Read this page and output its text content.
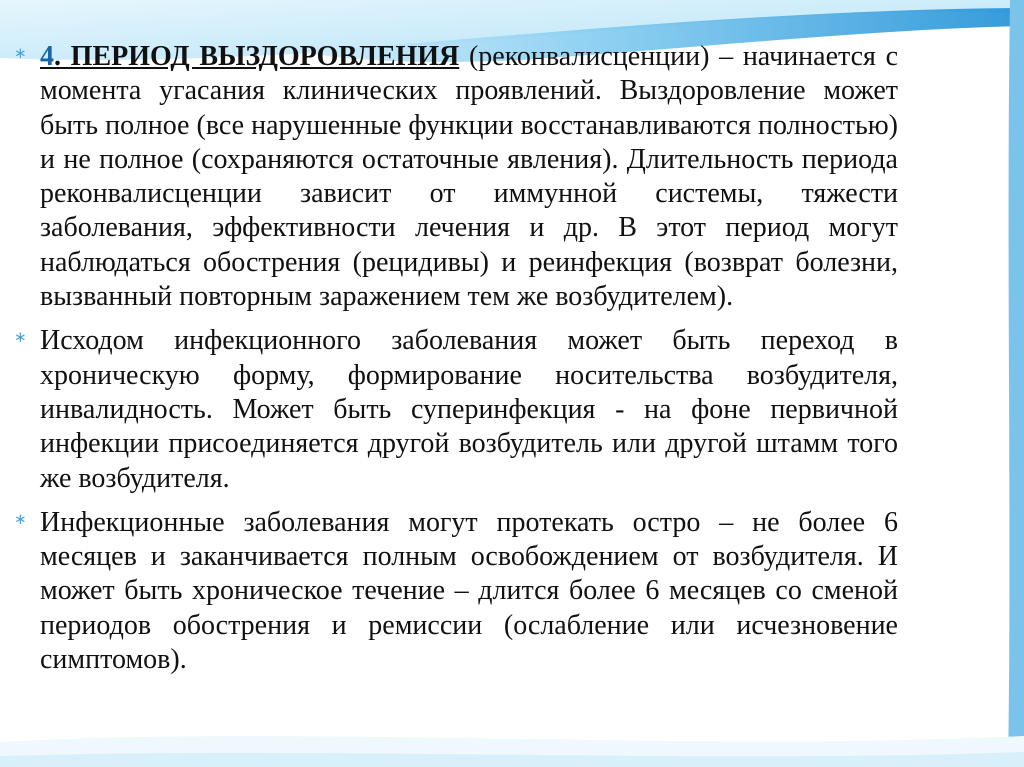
∗ 4. ПЕРИОД ВЫЗДОРОВЛЕНИЯ (реконвалисценции) – начинается с момента угасания клинических проявлений. Выздоровление может быть полное (все нарушенные функции восстанавливаются полностью) и не полное (сохраняются остаточные явления). Длительность периода реконвалисценции зависит от иммунной системы, тяжести заболевания, эффективности лечения и др. В этот период могут наблюдаться обострения (рецидивы) и реинфекция (возврат болезни, вызванный повторным заражением тем же возбудителем).
∗ Исходом инфекционного заболевания может быть переход в хроническую форму, формирование носительства возбудителя, инвалидность. Может быть суперинфекция - на фоне первичной инфекции присоединяется другой возбудитель или другой штамм того же возбудителя.
∗ Инфекционные заболевания могут протекать остро – не более 6 месяцев и заканчивается полным освобождением от возбудителя. И может быть хроническое течение – длится более 6 месяцев со сменой периодов обострения и ремиссии (ослабление или исчезновение симптомов).
